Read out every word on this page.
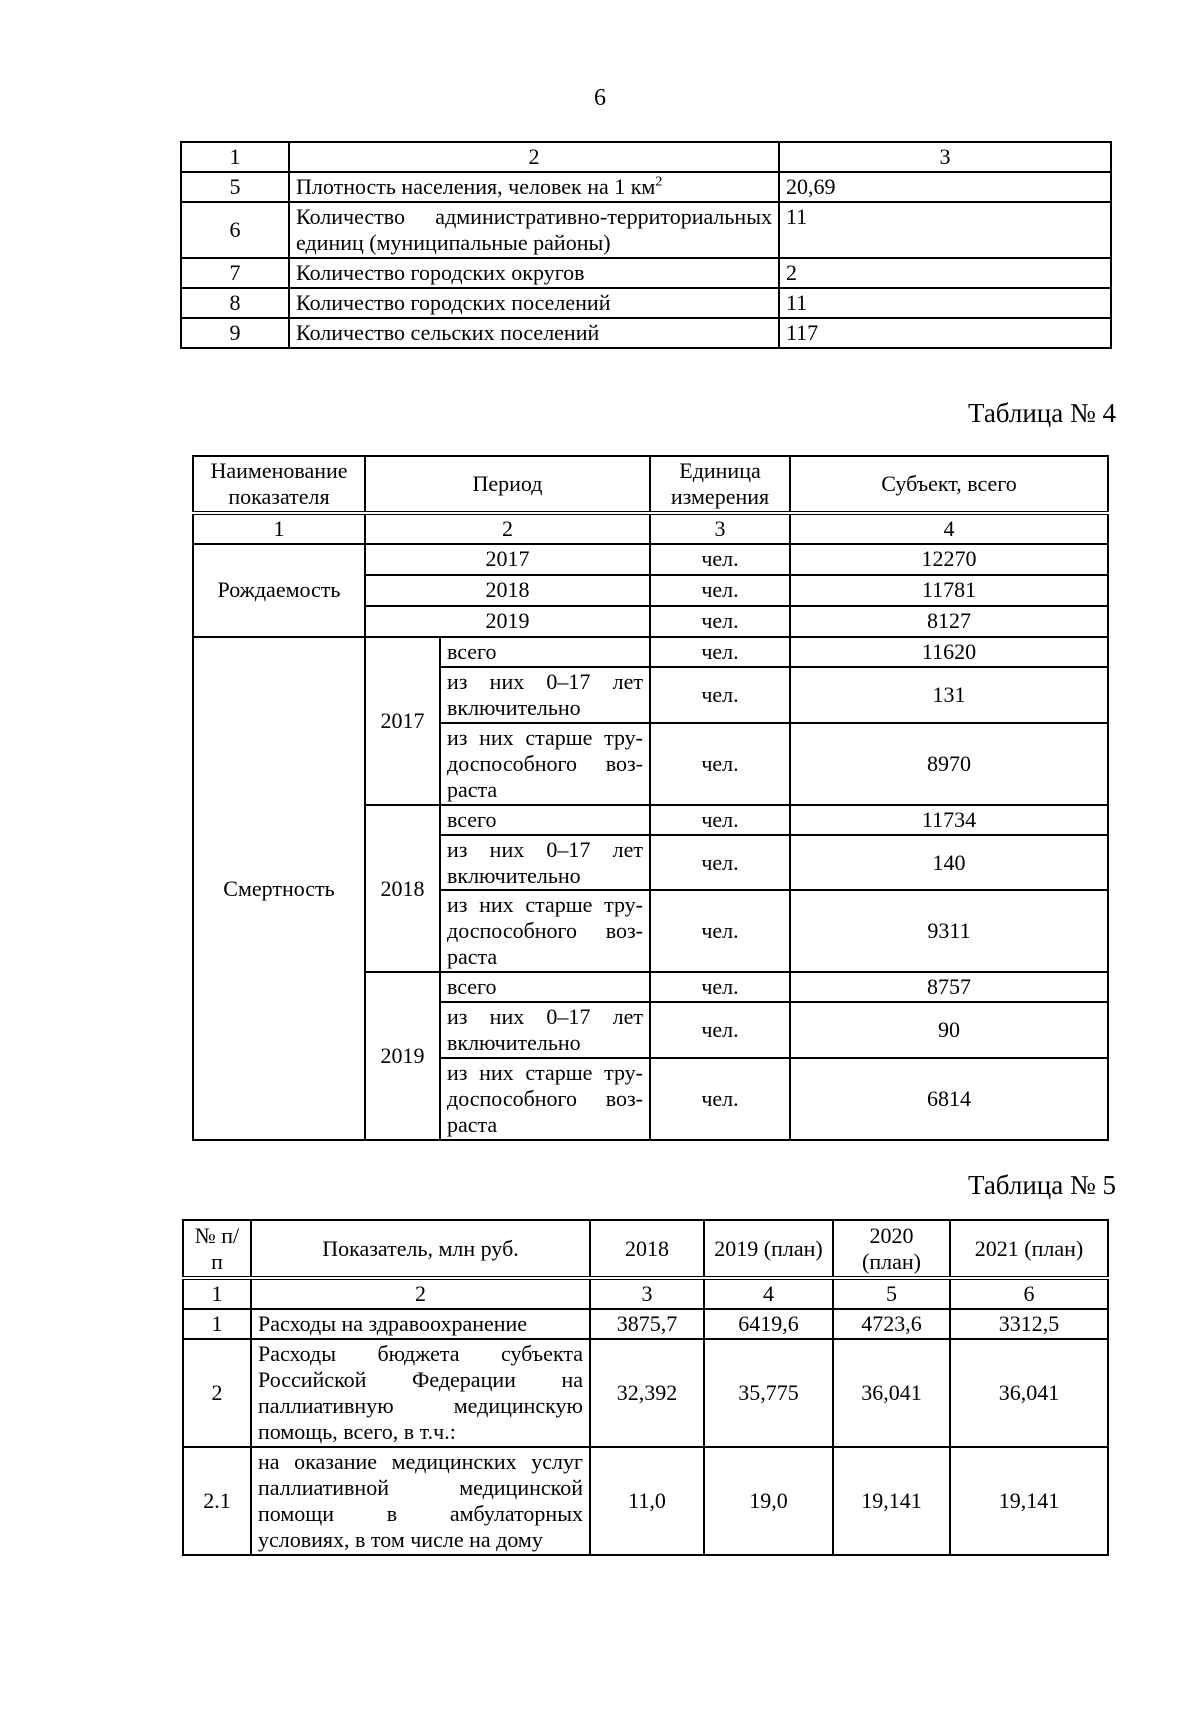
6
1	2	3
5	Плотность населения, человек на 1 $км^2$	20,69
6	Количество административно-территориальных единиц (муниципальные районы)	11
7	Количество городских округов	2
8	Количество городских поселений	11
9	Количество сельских поселений	117
Таблица № 4
Наименование показателя	Период		Единица измерения	Субъект, всего
1	2		3	4
Рождаемость	2017		чел.	12270
	2018		чел.	11781
	2019		чел.	8127
Смертность	2017	всего	чел.	11620
		из них 0–17 лет включительно	чел.	131
		из них старше тру-доспособного воз-раста	чел.	8970
	2018	всего	чел.	11734
		из них 0–17 лет включительно	чел.	140
		из них старше тру-доспособного воз-раста	чел.	9311
	2019	всего	чел.	8757
		из них 0–17 лет включительно	чел.	90
		из них старше тру-доспособного воз-раста	чел.	6814
Таблица № 5
№ п/п	Показатель, млн руб.	2018	2019 (план)	2020 (план)	2021 (план)
1	2	3	4	5	6
1	Расходы на здравоохранение	3875,7	6419,6	4723,6	3312,5
2	Расходы бюджета субъекта Российской Федерации на паллиативную медицинскую помощь, всего, в т.ч.:	32,392	35,775	36,041	36,041
2.1	на оказание медицинских услуг паллиативной медицинской помощи в амбулаторных условиях, в том числе на дому	11,0	19,0	19,141	19,141
